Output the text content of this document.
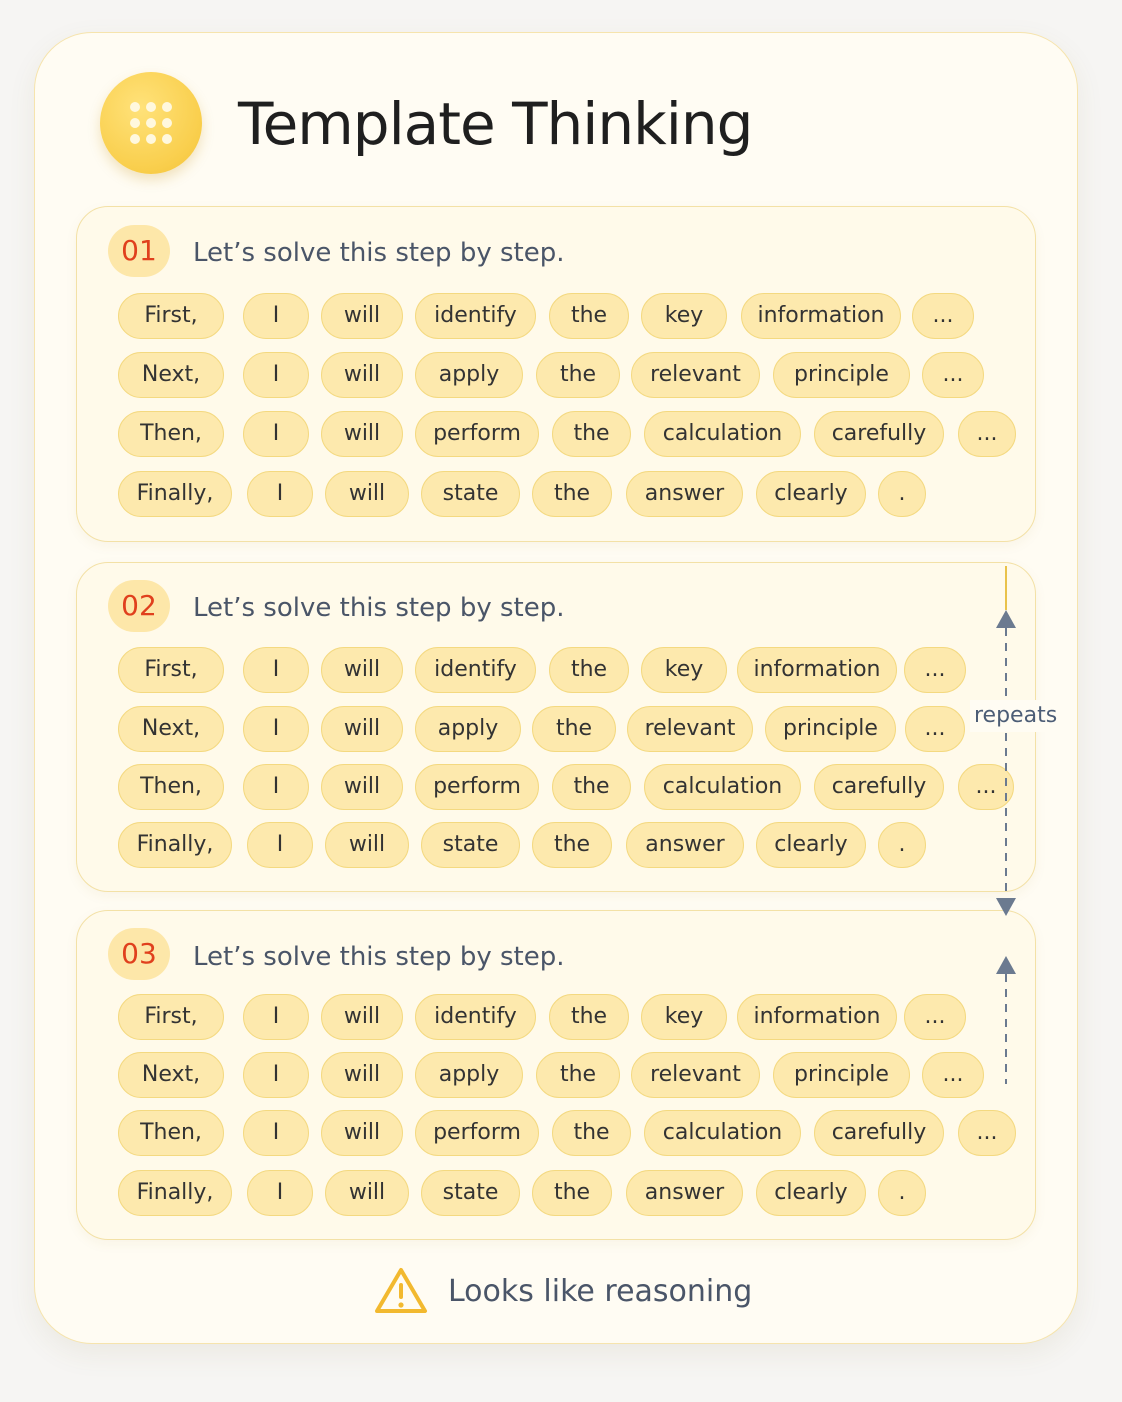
Template Thinking
01	Let’s solve this step by step.
First,	I	will	identify	the	key	information	...
Next,	I	will	apply	the	relevant	principle	...
Then,	I	will	perform	the	calculation	carefully	...
Finally,	I	will	state	the	answer	clearly	.
02	Let’s solve this step by step.
First,	I	will	identify	the	key	information	...
Next,	I	will	apply	the	relevant	principle	...
Then,	I	will	perform	the	calculation	carefully	...
Finally,	I	will	state	the	answer	clearly	.
03	Let’s solve this step by step.
First,	I	will	identify	the	key	information	...
Next,	I	will	apply	the	relevant	principle	...
Then,	I	will	perform	the	calculation	carefully	...
Finally,	I	will	state	the	answer	clearly	.
repeats
Looks like reasoning
